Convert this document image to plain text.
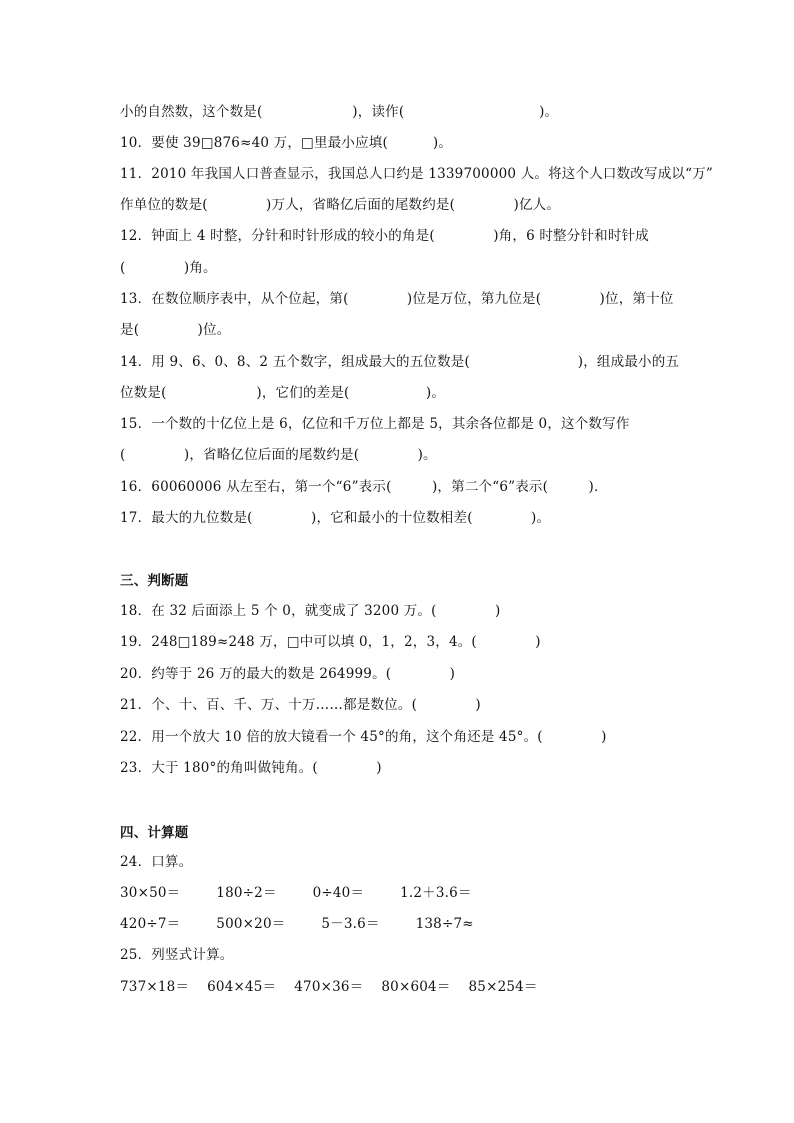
小的自然数，这个数是(                    )，读作(                              )。
10．要使 39□876≈40 万，□里最小应填(          )。
11．2010 年我国人口普查显示，我国总人口约是 1339700000 人。将这个人口数改写成以“万”
作单位的数是(             )万人，省略亿后面的尾数约是(             )亿人。
12．钟面上 4 时整，分针和时针形成的较小的角是(             )角，6 时整分针和时针成
(             )角。
13．在数位顺序表中，从个位起，第(             )位是万位，第九位是(             )位，第十位
是(             )位。
14．用 9、6、0、8、2 五个数字，组成最大的五位数是(                        )，组成最小的五
位数是(                    )，它们的差是(                 )。
15．一个数的十亿位上是 6，亿位和千万位上都是 5，其余各位都是 0，这个数写作
(             )，省略亿位后面的尾数约是(             )。
16．60060006 从左至右，第一个“6”表示(         )，第二个“6”表示(         )．
17．最大的九位数是(             )，它和最小的十位数相差(             )。
三、判断题
18．在 32 后面添上 5 个 0，就变成了 3200 万。(             )
19．248□189≈248 万，□中可以填 0，1，2，3，4。(             )
20．约等于 26 万的最大的数是 264999。(             )
21．个、十、百、千、万、十万……都是数位。(             )
22．用一个放大 10 倍的放大镜看一个 45°的角，这个角还是 45°。(             )
23．大于 180°的角叫做钝角。(             )
四、计算题
24．口算。
30×50＝        180÷2＝        0÷40＝        1.2＋3.6＝
420÷7＝        500×20＝        5－3.6＝        138÷7≈
25．列竖式计算。
737×18＝    604×45＝    470×36＝    80×604＝    85×254＝
